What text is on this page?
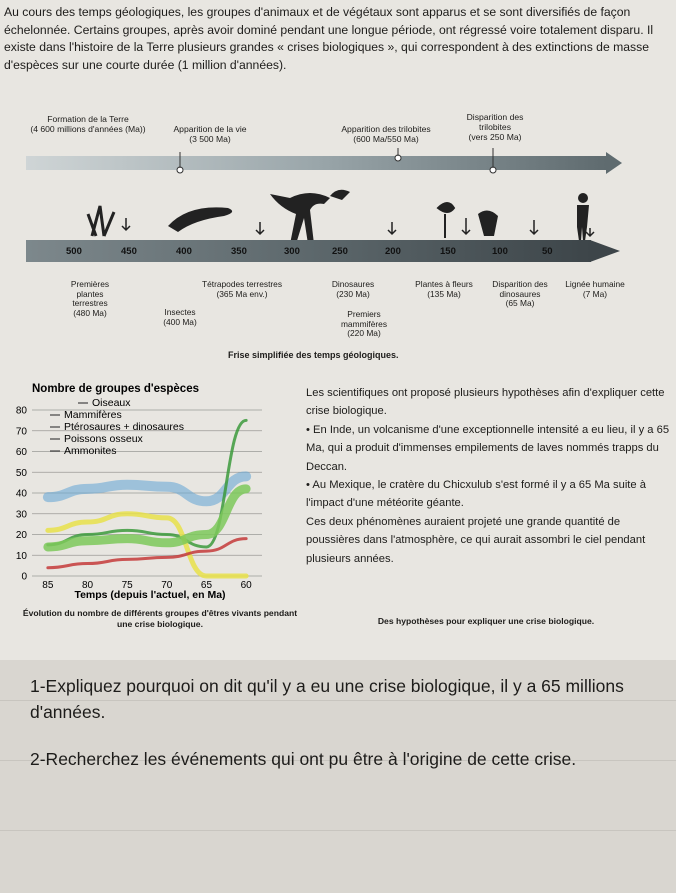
Au cours des temps géologiques, les groupes d'animaux et de végétaux sont apparus et se sont diversifiés de façon échelonnée. Certains groupes, après avoir dominé pendant une longue période, ont régressé voire totalement disparu. Il existe dans l'histoire de la Terre plusieurs grandes « crises biologiques », qui correspondent à des extinctions de masse d'espèces sur une courte durée (1 million d'années).

Formation de la Terre
(4 600 millions d'années (Ma))	Apparition de la vie
(3 500 Ma)
Apparition des trilobites
(600 Ma/550 Ma)
Disparition des trilobites
(vers 250 Ma)
500	450	400	350	300	250	200	150	100	50
Premières plantes terrestres
(480 Ma)	Insectes
(400 Ma)
Tétrapodes terrestres
(365 Ma env.)
Dinosaures
(230 Ma)
Premiers mammifères
(220 Ma)
Plantes à fleurs
(135 Ma)
Disparition des dinosaures
(65 Ma)
Lignée humaine
(7 Ma)
Frise simplifiée des temps géologiques.
Nombre de groupes d'espèces
Oiseaux
Mammifères
Ptérosaures + dinosaures
Poissons osseux
Ammonites
80
70
60
50
40
30
20
10
0
85	80	75	70	65	60
Temps (depuis l'actuel, en Ma)
Évolution du nombre de différents groupes d'êtres vivants pendant une crise biologique.

Les scientifiques ont proposé plusieurs hypothèses afin d'expliquer cette crise biologique.

• En Inde, un volcanisme d'une exceptionnelle intensité a eu lieu, il y a 65 Ma, qui a produit d'immenses empilements de laves nommés trapps du Deccan.

• Au Mexique, le cratère du Chicxulub s'est formé il y a 65 Ma suite à l'impact d'une météorite géante.

Ces deux phénomènes auraient projeté une grande quantité de poussières dans l'atmosphère, ce qui aurait assombri le ciel pendant plusieurs années.

Des hypothèses pour expliquer une crise biologique.
1-Expliquez pourquoi on dit qu'il y a eu une crise biologique, il y a 65 millions d'années.
2-Recherchez les événements qui ont pu être à l'origine de cette crise.
